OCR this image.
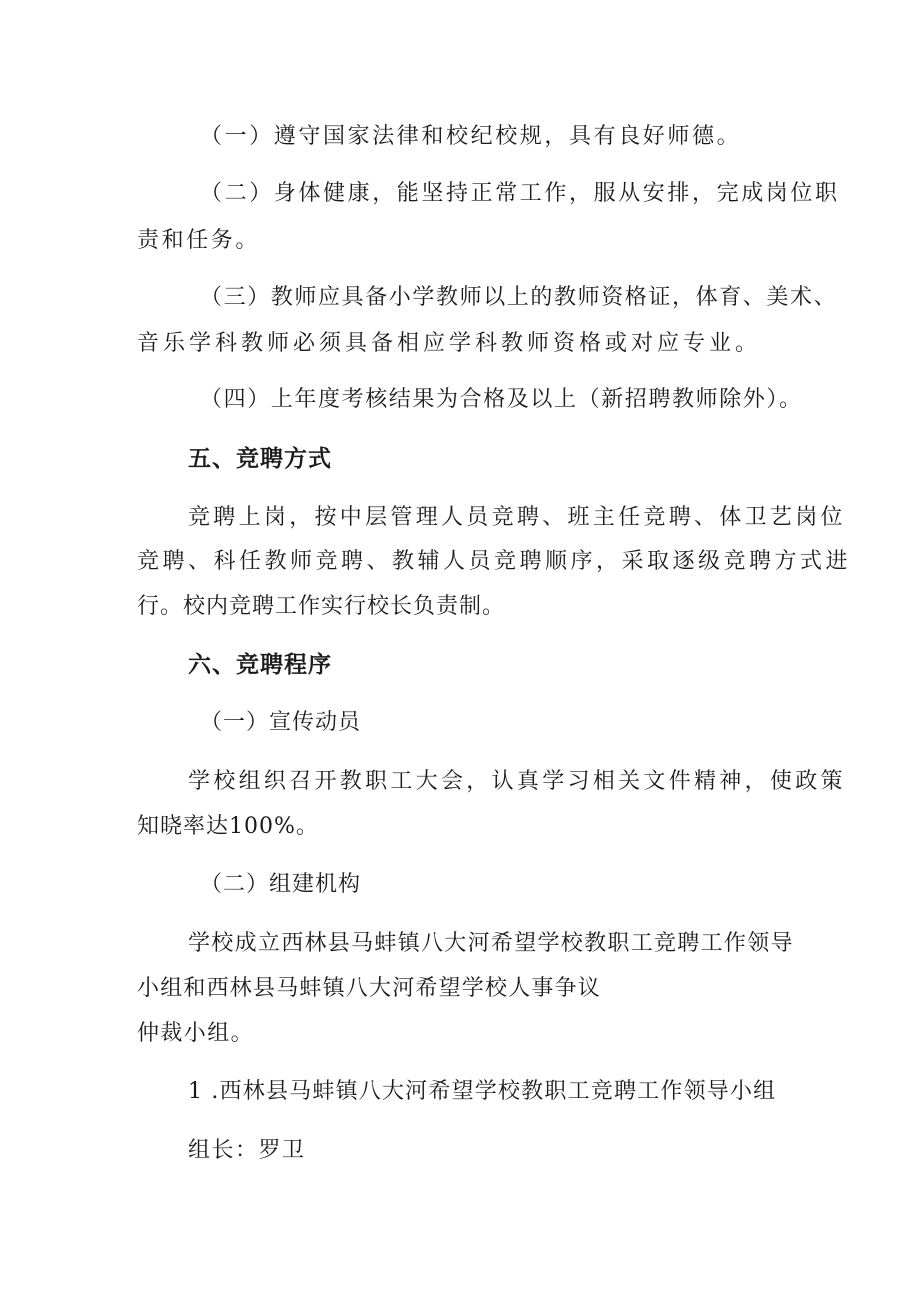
（一）遵守国家法律和校纪校规，具有良好师德。
（二）身体健康，能坚持正常工作，服从安排，完成岗位职
责和任务。
（三）教师应具备小学教师以上的教师资格证，体育、美术、
音乐学科教师必须具备相应学科教师资格或对应专业。
（四）上年度考核结果为合格及以上（新招聘教师除外）。
五、竞聘方式
竞聘上岗，按中层管理人员竞聘、班主任竞聘、体卫艺岗位
竞聘、科任教师竞聘、教辅人员竞聘顺序，采取逐级竞聘方式进
行。校内竞聘工作实行校长负责制。
六、竞聘程序
（一）宣传动员
学校组织召开教职工大会，认真学习相关文件精神，使政策
知晓率达100%。
（二）组建机构
学校成立西林县马蚌镇八大河希望学校教职工竞聘工作领导
小组和西林县马蚌镇八大河希望学校人事争议
仲裁小组。
1 .西林县马蚌镇八大河希望学校教职工竞聘工作领导小组
组长：罗卫
